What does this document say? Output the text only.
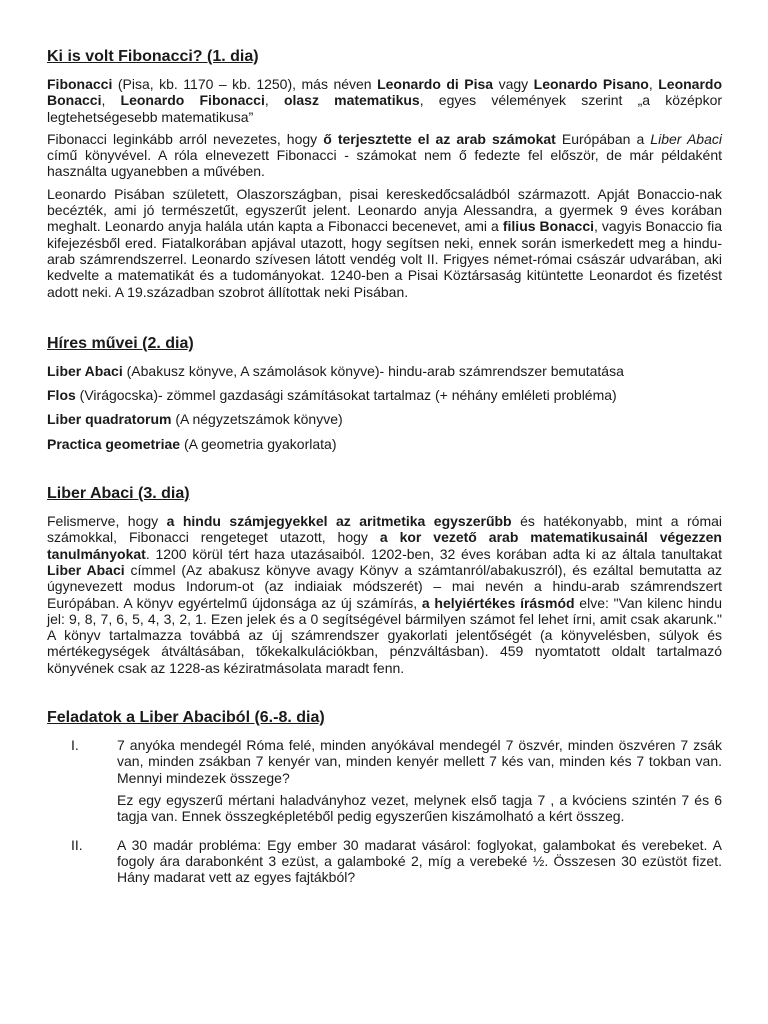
Ki is volt Fibonacci? (1. dia)

Fibonacci (Pisa, kb. 1170 – kb. 1250), más néven Leonardo di Pisa vagy Leonardo Pisano, Leonardo Bonacci, Leonardo Fibonacci, olasz matematikus, egyes vélemények szerint „a középkor legtehetségesebb matematikusa”

Fibonacci leginkább arról nevezetes, hogy ő terjesztette el az arab számokat Európában a Liber Abaci című könyvével. A róla elnevezett Fibonacci - számokat nem ő fedezte fel először, de már példaként használta ugyanebben a művében.

Leonardo Pisában született, Olaszországban, pisai kereskedőcsaládból származott. Apját Bonaccio-nak becézték, ami jó természetűt, egyszerűt jelent. Leonardo anyja Alessandra, a gyermek 9 éves korában meghalt. Leonardo anyja halála után kapta a Fibonacci becenevet, ami a filius Bonacci, vagyis Bonaccio fia kifejezésből ered. Fiatalkorában apjával utazott, hogy segítsen neki, ennek során ismerkedett meg a hindu-arab számrendszerrel. Leonardo szívesen látott vendég volt II. Frigyes német-római császár udvarában, aki kedvelte a matematikát és a tudományokat. 1240-ben a Pisai Köztársaság kitüntette Leonardot és fizetést adott neki. A 19.században szobrot állítottak neki Pisában.

Híres művei (2. dia)

Liber Abaci (Abakusz könyve, A számolások könyve)- hindu-arab számrendszer bemutatása

Flos (Virágocska)- zömmel gazdasági számításokat tartalmaz (+ néhány emléleti probléma)

Liber quadratorum (A négyzetszámok könyve)

Practica geometriae (A geometria gyakorlata)

Liber Abaci (3. dia)

Felismerve, hogy a hindu számjegyekkel az aritmetika egyszerűbb és hatékonyabb, mint a római számokkal, Fibonacci rengeteget utazott, hogy a kor vezető arab matematikusainál végezzen tanulmányokat. 1200 körül tért haza utazásaiból. 1202-ben, 32 éves korában adta ki az általa tanultakat Liber Abaci címmel (Az abakusz könyve avagy Könyv a számtanról/abakuszról), és ezáltal bemutatta az úgynevezett modus Indorum-ot (az indiaiak módszerét) – mai nevén a hindu-arab számrendszert Európában. A könyv egyértelmű újdonsága az új számírás, a helyiértékes írásmód elve: "Van kilenc hindu jel: 9, 8, 7, 6, 5, 4, 3, 2, 1. Ezen jelek és a 0 segítségével bármilyen számot fel lehet írni, amit csak akarunk." A könyv tartalmazza továbbá az új számrendszer gyakorlati jelentőségét (a könyvelésben, súlyok és mértékegységek átváltásában, tőkekalkulációkban, pénzváltásban). 459 nyomtatott oldalt tartalmazó könyvének csak az 1228-as kéziratmásolata maradt fenn.

Feladatok a Liber Abaciból (6.-8. dia)
I.	7 anyóka mendegél Róma felé, minden anyókával mendegél 7 öszvér, minden öszvéren 7 zsák van, minden zsákban 7 kenyér van, minden kenyér mellett 7 kés van, minden kés 7 tokban van. Mennyi mindezek összege?

Ez egy egyszerű mértani haladványhoz vezet, melynek első tagja 7 , a kvóciens szintén 7 és 6 tagja van. Ennek összegképletéből pedig egyszerűen kiszámolható a kért összeg.

II.	A 30 madár probléma: Egy ember 30 madarat vásárol: foglyokat, galambokat és verebeket. A fogoly ára darabonként 3 ezüst, a galamboké 2, míg a verebeké ½. Összesen 30 ezüstöt fizet. Hány madarat vett az egyes fajtákból?
